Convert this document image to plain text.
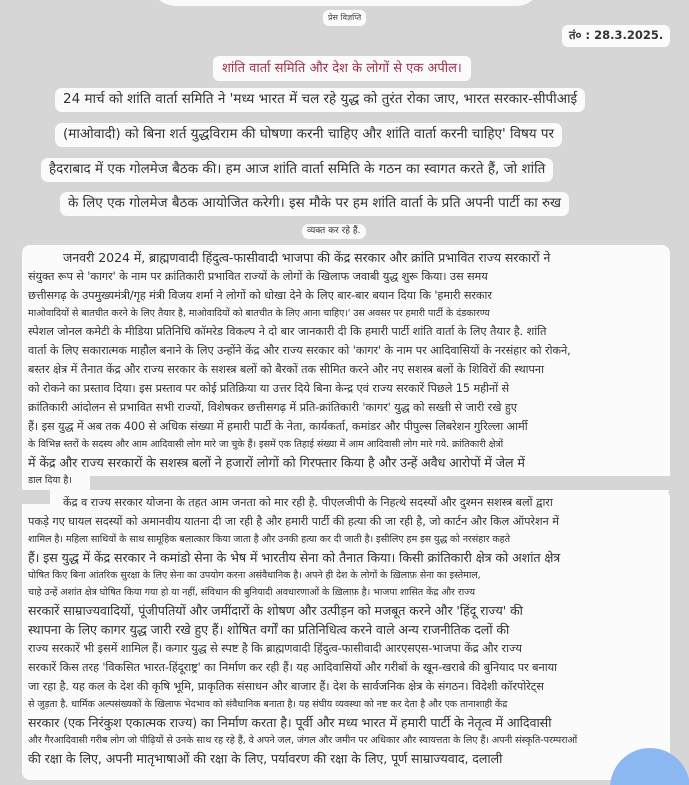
प्रेस विज्ञप्ति
तं० : 28.3.2025.
शांति वार्ता समिति और देश के लोगों से एक अपील।
24 मार्च को शांति वार्ता समिति ने 'मध्य भारत में चल रहे युद्ध को तुरंत रोका जाए, भारत सरकार-सीपीआई
(माओवादी) को बिना शर्त युद्धविराम की घोषणा करनी चाहिए और शांति वार्ता करनी चाहिए' विषय पर
हैदराबाद में एक गोलमेज बैठक की। हम आज शांति वार्ता समिति के गठन का स्वागत करते हैं, जो शांति
के लिए एक गोलमेज बैठक आयोजित करेगी। इस मौके पर हम शांति वार्ता के प्रति अपनी पार्टी का रुख
व्यक्त कर रहे हैं.
जनवरी 2024 में, ब्राह्मणवादी हिंदुत्व-फासीवादी भाजपा की केंद्र सरकार और क्रांति प्रभावित राज्य सरकारों ने
संयुक्त रूप से 'कागर' के नाम पर क्रांतिकारी प्रभावित राज्यों के लोगों के खिलाफ जवाबी युद्ध शुरू किया। उस समय
छत्तीसगढ़ के उपमुख्यमंत्री/गृह मंत्री विजय शर्मा ने लोगों को धोखा देने के लिए बार-बार बयान दिया कि 'हमारी सरकार
माओवादियों से बातचीत करने के लिए तैयार है, माओवादियों को बातचीत के लिए आना चाहिए।' उस अवसर पर हमारी पार्टी के दंडकारण्य
स्पेशल जोनल कमेटी के मीडिया प्रतिनिधि कॉमरेड विकल्प ने दो बार जानकारी दी कि हमारी पार्टी शांति वार्ता के लिए तैयार है. शांति
वार्ता के लिए सकारात्मक माहौल बनाने के लिए उन्होंने केंद्र और राज्य सरकार को 'कागर' के नाम पर आदिवासियों के नरसंहार को रोकने,
बस्तर क्षेत्र में तैनात केंद्र और राज्य सरकार के सशस्त्र बलों को बैरकों तक सीमित करने और नए सशस्त्र बलों के शिविरों की स्थापना
को रोकने का प्रस्ताव दिया। इस प्रस्ताव पर कोई प्रतिक्रिया या उत्तर दिये बिना केन्द्र एवं राज्य सरकारें पिछले 15 महीनों से
क्रांतिकारी आंदोलन से प्रभावित सभी राज्यों, विशेषकर छत्तीसगढ़ में प्रति-क्रांतिकारी 'कागर' युद्ध को सख्ती से जारी रखे हुए
हैं। इस युद्ध में अब तक 400 से अधिक संख्या में हमारी पार्टी के नेता, कार्यकर्ता, कमांडर और पीपुल्स लिबरेशन गुरिल्ला आर्मी
के विभिन्न स्तरों के सदस्य और आम आदिवासी लोग मारे जा चुके हैं। इसमें एक तिहाई संख्या में आम आदिवासी लोग मारे गये. क्रांतिकारी क्षेत्रों
में केंद्र और राज्य सरकारों के सशस्त्र बलों ने हजारों लोगों को गिरफ्तार किया है और उन्हें अवैध आरोपों में जेल में
डाल दिया है।
केंद्र व राज्य सरकार योजना के तहत आम जनता को मार रही है. पीएलजीपी के निहत्थे सदस्यों और दुश्मन सशस्त्र बलों द्वारा
पकड़े गए घायल सदस्यों को अमानवीय यातना दी जा रही है और हमारी पार्टी की हत्या की जा रही है, जो कार्टन और किल ऑपरेशन में
शामिल है। महिला साथियों के साथ सामूहिक बलात्कार किया जाता है और उनकी हत्या कर दी जाती है। इसीलिए हम इस युद्ध को नरसंहार कहते
हैं। इस युद्ध में केंद्र सरकार ने कमांडो सेना के भेष में भारतीय सेना को तैनात किया। किसी क्रांतिकारी क्षेत्र को अशांत क्षेत्र
घोषित किए बिना आंतरिक सुरक्षा के लिए सेना का उपयोग करना असंवैधानिक है। अपने ही देश के लोगों के ख़िलाफ़ सेना का इस्तेमाल,
चाहे उन्हें अशांत क्षेत्र घोषित किया गया हो या नहीं, संविधान की बुनियादी अवधारणाओं के ख़िलाफ़ है। भाजपा शासित केंद्र और राज्य
सरकारें साम्राज्यवादियों, पूंजीपतियों और जमींदारों के शोषण और उत्पीड़न को मजबूत करने और 'हिंदू राज्य' की
स्थापना के लिए कागर युद्ध जारी रखे हुए हैं। शोषित वर्गों का प्रतिनिधित्व करने वाले अन्य राजनीतिक दलों की
राज्य सरकारें भी इसमें शामिल हैं। कगार युद्ध से स्पष्ट है कि ब्राह्मणवादी हिंदुत्व-फासीवादी आरएसएस-भाजपा केंद्र और राज्य
सरकारें किस तरह 'विकसित भारत-हिंदूराष्ट्र' का निर्माण कर रही हैं। यह आदिवासियों और गरीबों के खून-खराबे की बुनियाद पर बनाया
जा रहा है. यह कल के देश की कृषि भूमि, प्राकृतिक संसाधन और बाजार हैं। देश के सार्वजनिक क्षेत्र के संगठन। विदेशी कॉरपोरेट्स
से जुड़ता है. धार्मिक अल्पसंख्यकों के खिलाफ भेदभाव को संवैधानिक बनाता है। यह संघीय व्यवस्था को नष्ट कर देता है और एक तानाशाही केंद्र
सरकार (एक निरंकुश एकात्मक राज्य) का निर्माण करता है। पूर्वी और मध्य भारत में हमारी पार्टी के नेतृत्व में आदिवासी
और गैरआदिवासी गरीब लोग जो पीढ़ियों से उनके साथ रह रहे हैं, वे अपने जल, जंगल और जमीन पर अधिकार और स्वायत्तता के लिए हैं। अपनी संस्कृति-परम्पराओं
की रक्षा के लिए, अपनी मातृभाषाओं की रक्षा के लिए, पर्यावरण की रक्षा के लिए, पूर्ण साम्राज्यवाद, दलाली
